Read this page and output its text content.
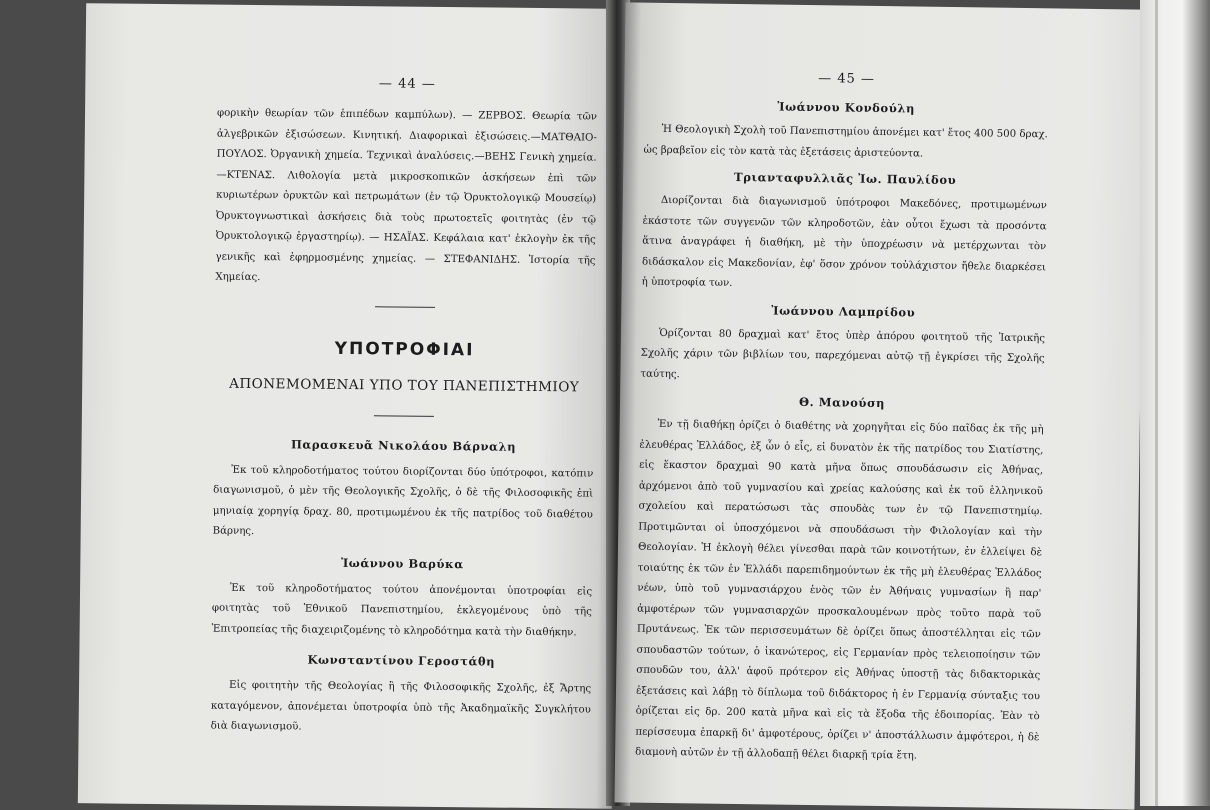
— 44 —

φορικὴν θεωρίαν τῶν ἐπιπέδων καμπύλων). — ΖΕΡΒΟΣ. Θεωρία τῶν ἀλγεβρικῶν ἐξισώσεων. Κινητική. Διαφορικαὶ ἐξισώσεις.—ΜΑΤΘΑΙΟ-ΠΟΥΛΟΣ. Ὀργανικὴ χημεία. Τεχνικαὶ ἀναλύσεις.—ΒΕΗΣ Γενικὴ χημεία.—ΚΤΕΝΑΣ. Λιθολογία μετὰ μικροσκοπικῶν ἀσκήσεων ἐπὶ τῶν κυριωτέρων ὀρυκτῶν καὶ πετρωμάτων (ἐν τῷ Ὀρυκτολογικῷ Μουσείῳ) Ὀρυκτογνωστικαὶ ἀσκήσεις διὰ τοὺς πρωτοετεῖς φοιτητὰς (ἐν τῷ Ὀρυκτολογικῷ ἐργαστηρίῳ). — ΗΣΑΪΑΣ. Κεφάλαια κατ' ἐκλογὴν ἐκ τῆς γενικῆς καὶ ἐφηρμοσμένης χημείας. — ΣΤΕΦΑΝΙΔΗΣ. Ἱστορία τῆς Χημείας.

ΥΠΟΤΡΟΦΙΑΙ
ΑΠΟΝΕΜΟΜΕΝΑΙ ΥΠΟ ΤΟΥ ΠΑΝΕΠΙΣΤΗΜΙΟΥ
Παρασκευᾶ Νικολάου Βάρναλη

Ἐκ τοῦ κληροδοτήματος τούτου διορίζονται δύο ὑπότροφοι, κατόπιν διαγωνισμοῦ, ὁ μὲν τῆς Θεολογικῆς Σχολῆς, ὁ δὲ τῆς Φιλοσοφικῆς ἐπὶ μηνιαίᾳ χορηγίᾳ δραχ. 80, προτιμωμένου ἐκ τῆς πατρίδος τοῦ διαθέτου Βάρνης.

Ἰωάννου Βαρύκα

Ἐκ τοῦ κληροδοτήματος τούτου ἀπονέμονται ὑποτροφίαι εἰς φοιτητὰς τοῦ Ἐθνικοῦ Πανεπιστημίου, ἐκλεγομένους ὑπὸ τῆς Ἐπιτροπείας τῆς διαχειριζομένης τὸ κληροδότημα κατὰ τὴν διαθήκην.

Κωνσταντίνου Γεροστάθη

Εἰς φοιτητὴν τῆς Θεολογίας ἢ τῆς Φιλοσοφικῆς Σχολῆς, ἐξ Ἄρτης καταγόμενον, ἀπονέμεται ὑποτροφία ὑπὸ τῆς Ἀκαδημαϊκῆς Συγκλήτου διὰ διαγωνισμοῦ.

— 45 —
Ἰωάννου Κονδούλη

Ἡ Θεολογικὴ Σχολὴ τοῦ Πανεπιστημίου ἀπονέμει κατ' ἔτος 400 500 δραχ. ὡς βραβεῖον εἰς τὸν κατὰ τὰς ἐξετάσεις ἀριστεύοντα.

Τριανταφυλλιᾶς Ἰω. Παυλίδου

Διορίζονται διὰ διαγωνισμοῦ ὑπότροφοι Μακεδόνες, προτιμωμένων ἑκάστοτε τῶν συγγενῶν τῶν κληροδοτῶν, ἐὰν οὗτοι ἔχωσι τὰ προσόντα ἅτινα ἀναγράφει ἡ διαθήκη, μὲ τὴν ὑποχρέωσιν νὰ μετέρχωνται τὸν διδάσκαλον εἰς Μακεδονίαν, ἐφ' ὅσον χρόνον τοὐλάχιστον ἤθελε διαρκέσει ἡ ὑποτροφία των.

Ἰωάννου Λαμπρίδου

Ὁρίζονται 80 δραχμαὶ κατ' ἔτος ὑπὲρ ἀπόρου φοιτητοῦ τῆς Ἰατρικῆς Σχολῆς χάριν τῶν βιβλίων του, παρεχόμεναι αὐτῷ τῇ ἐγκρίσει τῆς Σχολῆς ταύτης.

Θ. Μανούση

Ἐν τῇ διαθήκῃ ὁρίζει ὁ διαθέτης νὰ χορηγῆται εἰς δύο παῖδας ἐκ τῆς μὴ ἐλευθέρας Ἑλλάδος, ἐξ ὧν ὁ εἷς, εἰ δυνατὸν ἐκ τῆς πατρίδος του Σιατίστης, εἰς ἕκαστον δραχμαὶ 90 κατὰ μῆνα ὅπως σπουδάσωσιν εἰς Ἀθήνας, ἀρχόμενοι ἀπὸ τοῦ γυμνασίου καὶ χρείας καλούσης καὶ ἐκ τοῦ ἑλληνικοῦ σχολείου καὶ περατώσωσι τὰς σπουδὰς των ἐν τῷ Πανεπιστημίῳ. Προτιμῶνται οἱ ὑποσχόμενοι νὰ σπουδάσωσι τὴν Φιλολογίαν καὶ τὴν Θεολογίαν. Ἡ ἐκλογὴ θέλει γίνεσθαι παρὰ τῶν κοινοτήτων, ἐν ἐλλείψει δὲ τοιαύτης ἐκ τῶν ἐν Ἑλλάδι παρεπιδημούντων ἐκ τῆς μὴ ἐλευθέρας Ἑλλάδος νέων, ὑπὸ τοῦ γυμνασιάρχου ἑνὸς τῶν ἐν Ἀθήναις γυμνασίων ἢ παρ' ἀμφοτέρων τῶν γυμνασιαρχῶν προσκαλουμένων πρὸς τοῦτο παρὰ τοῦ Πρυτάνεως. Ἐκ τῶν περισσευμάτων δὲ ὁρίζει ὅπως ἀποστέλληται εἰς τῶν σπουδαστῶν τούτων, ὁ ἱκανώτερος, εἰς Γερμανίαν πρὸς τελειοποίησιν τῶν σπουδῶν του, ἀλλ' ἀφοῦ πρότερον εἰς Ἀθήνας ὑποστῇ τὰς διδακτορικὰς ἐξετάσεις καὶ λάβῃ τὸ δίπλωμα τοῦ διδάκτορος ἡ ἐν Γερμανίᾳ σύνταξις του ὁρίζεται εἰς δρ. 200 κατὰ μῆνα καὶ εἰς τὰ ἔξοδα τῆς ἐδοιπορίας. Ἐὰν τὸ περίσσευμα ἐπαρκῇ δι' ἀμφοτέρους, ὁρίζει ν' ἀποστάλλωσιν ἀμφότεροι, ἡ δὲ διαμονὴ αὐτῶν ἐν τῇ ἀλλοδαπῇ θέλει διαρκῇ τρία ἔτη.
